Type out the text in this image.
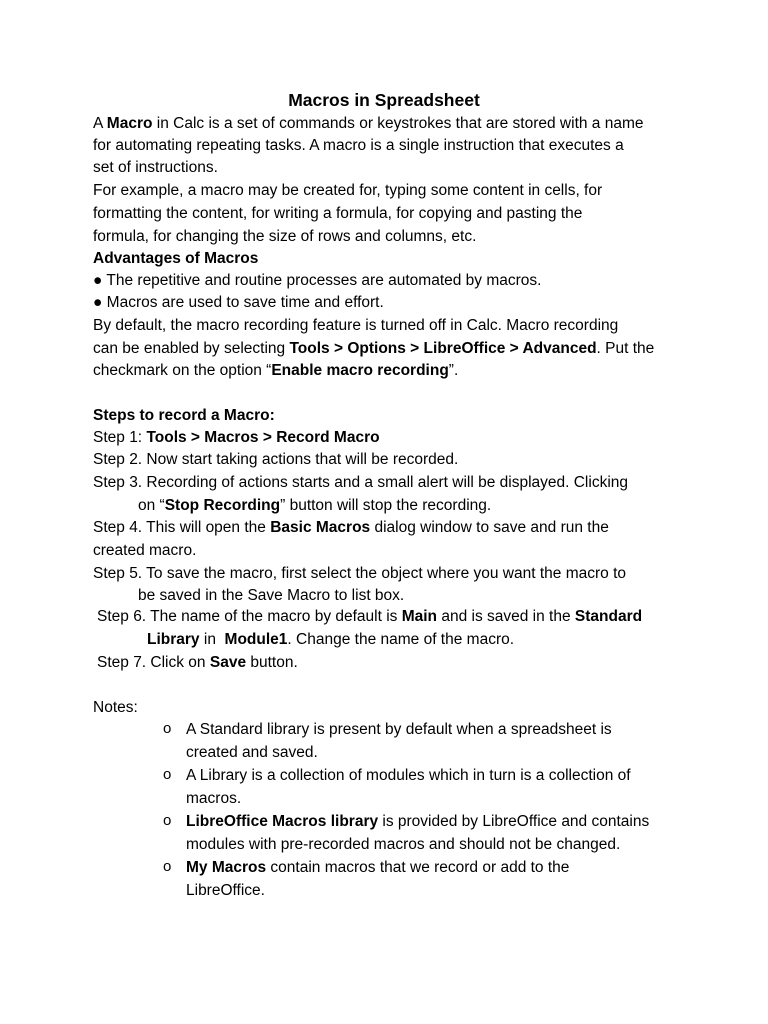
Macros in Spreadsheet
A Macro in Calc is a set of commands or keystrokes that are stored with a name
for automating repeating tasks. A macro is a single instruction that executes a
set of instructions.
For example, a macro may be created for, typing some content in cells, for
formatting the content, for writing a formula, for copying and pasting the
formula, for changing the size of rows and columns, etc.
Advantages of Macros
● The repetitive and routine processes are automated by macros.
● Macros are used to save time and effort.
By default, the macro recording feature is turned off in Calc. Macro recording
can be enabled by selecting Tools > Options > LibreOffice > Advanced. Put the
checkmark on the option “Enable macro recording”.
Steps to record a Macro:
Step 1: Tools > Macros > Record Macro
Step 2. Now start taking actions that will be recorded.
Step 3. Recording of actions starts and a small alert will be displayed. Clicking
on “Stop Recording” button will stop the recording.
Step 4. This will open the Basic Macros dialog window to save and run the
created macro.
Step 5. To save the macro, first select the object where you want the macro to
be saved in the Save Macro to list box.
Step 6. The name of the macro by default is Main and is saved in the Standard
Library in  Module1. Change the name of the macro.
Step 7. Click on Save button.
Notes:
o A Standard library is present by default when a spreadsheet is
created and saved.
o A Library is a collection of modules which in turn is a collection of
macros.
o LibreOffice Macros library is provided by LibreOffice and contains
modules with pre-recorded macros and should not be changed.
o My Macros contain macros that we record or add to the
LibreOffice.
